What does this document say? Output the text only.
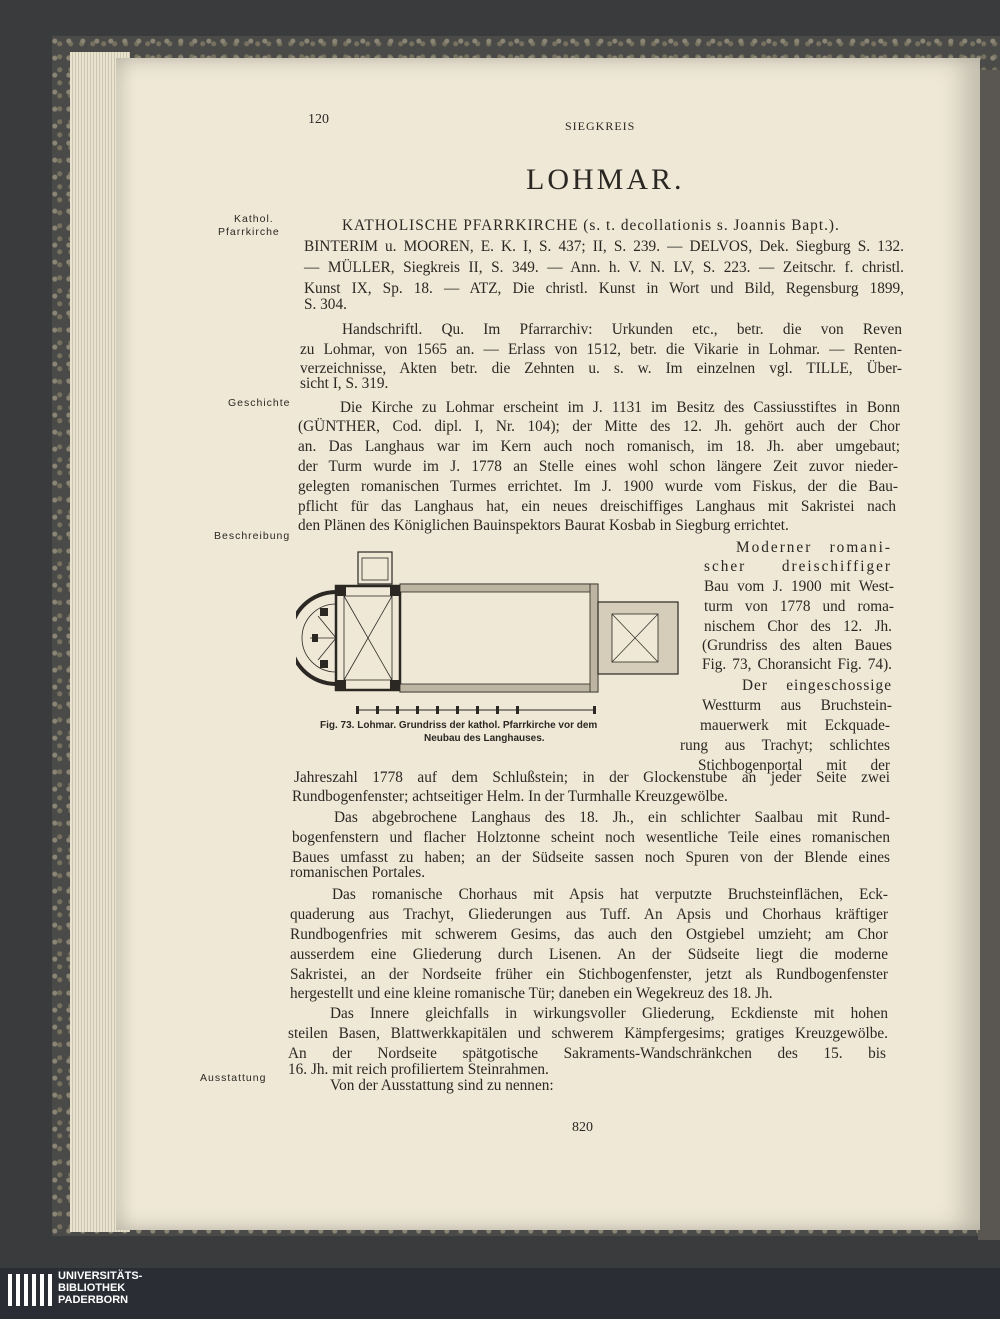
120	SIEGKREIS
LOHMAR.
Kathol.
Pfarrkirche
Geschichte
Beschreibung
Ausstattung
KATHOLISCHE PFARRKIRCHE (s. t. decollationis s. Joannis Bapt.).
BINTERIM u. MOOREN, E. K. I, S. 437; II, S. 239. — DELVOS, Dek. Siegburg S. 132.
— MÜLLER, Siegkreis II, S. 349. — Ann. h. V. N. LV, S. 223. — Zeitschr. f. christl.
Kunst IX, Sp. 18. — ATZ, Die christl. Kunst in Wort und Bild, Regensburg 1899,
S. 304.
Handschriftl. Qu. Im Pfarrarchiv: Urkunden etc., betr. die von Reven
zu Lohmar, von 1565 an. — Erlass von 1512, betr. die Vikarie in Lohmar. — Renten-
verzeichnisse, Akten betr. die Zehnten u. s. w. Im einzelnen vgl. TILLE, Über-
sicht I, S. 319.
Die Kirche zu Lohmar erscheint im J. 1131 im Besitz des Cassiusstiftes in Bonn
(GÜNTHER, Cod. dipl. I, Nr. 104); der Mitte des 12. Jh. gehört auch der Chor
an. Das Langhaus war im Kern auch noch romanisch, im 18. Jh. aber umgebaut;
der Turm wurde im J. 1778 an Stelle eines wohl schon längere Zeit zuvor nieder-
gelegten romanischen Turmes errichtet. Im J. 1900 wurde vom Fiskus, der die Bau-
pflicht für das Langhaus hat, ein neues dreischiffiges Langhaus mit Sakristei nach
den Plänen des Königlichen Bauinspektors Baurat Kosbab in Siegburg errichtet.
Fig. 73. Lohmar. Grundriss der kathol. Pfarrkirche vor dem
Neubau des Langhauses.
Moderner romani-
scher dreischiffiger
Bau vom J. 1900 mit West-
turm von 1778 und roma-
nischem Chor des 12. Jh.
(Grundriss des alten Baues
Fig. 73, Choransicht Fig. 74).
Der eingeschossige
Westturm aus Bruchstein-
mauerwerk mit Eckquade-
rung aus Trachyt; schlichtes
Stichbogenportal mit der
Jahreszahl 1778 auf dem Schlußstein; in der Glockenstube an jeder Seite zwei
Rundbogenfenster; achtseitiger Helm. In der Turmhalle Kreuzgewölbe.
Das abgebrochene Langhaus des 18. Jh., ein schlichter Saalbau mit Rund-
bogenfenstern und flacher Holztonne scheint noch wesentliche Teile eines romanischen
Baues umfasst zu haben; an der Südseite sassen noch Spuren von der Blende eines
romanischen Portales.
Das romanische Chorhaus mit Apsis hat verputzte Bruchsteinflächen, Eck-
quaderung aus Trachyt, Gliederungen aus Tuff. An Apsis und Chorhaus kräftiger
Rundbogenfries mit schwerem Gesims, das auch den Ostgiebel umzieht; am Chor
ausserdem eine Gliederung durch Lisenen. An der Südseite liegt die moderne
Sakristei, an der Nordseite früher ein Stichbogenfenster, jetzt als Rundbogenfenster
hergestellt und eine kleine romanische Tür; daneben ein Wegekreuz des 18. Jh.
Das Innere gleichfalls in wirkungsvoller Gliederung, Eckdienste mit hohen
steilen Basen, Blattwerkkapitälen und schwerem Kämpfergesims; gratiges Kreuzgewölbe.
An der Nordseite spätgotische Sakraments-Wandschränkchen des 15. bis
16. Jh. mit reich profiliertem Steinrahmen.
Von der Ausstattung sind zu nennen:
820
UNIVERSITÄTS-
BIBLIOTHEK
PADERBORN
